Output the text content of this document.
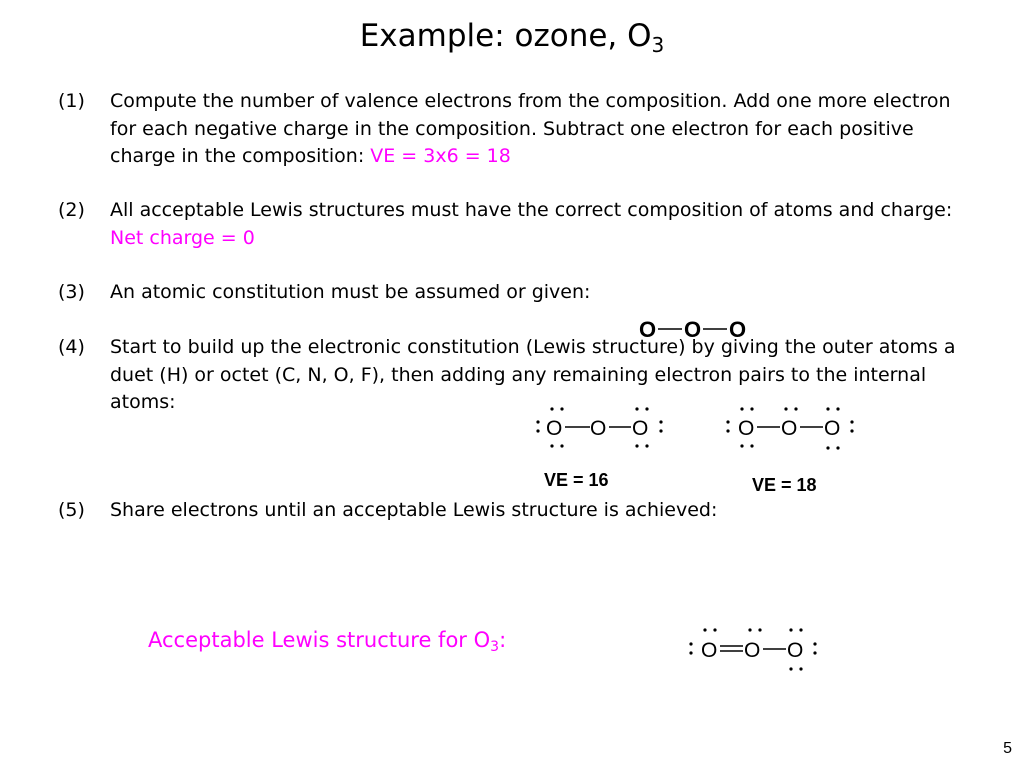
Example: ozone, $O_3$
(1) Compute the number of valence electrons from the composition. Add one more electron for each negative charge in the composition. Subtract one electron for each positive charge in the composition: VE = 3x6 = 18
(2) All acceptable Lewis structures must have the correct composition of atoms and charge: Net charge = 0
(3) An atomic constitution must be assumed or given:
(4) Start to build up the electronic constitution (Lewis structure) by giving the outer atoms a duet (H) or octet (C, N, O, F), then adding any remaining electron pairs to the internal atoms:
(5) Share electrons until an acceptable Lewis structure is achieved:
O O O
O O O
VE = 16
O O O
VE = 18
Acceptable Lewis structure for $O_3$:	O O O
5
